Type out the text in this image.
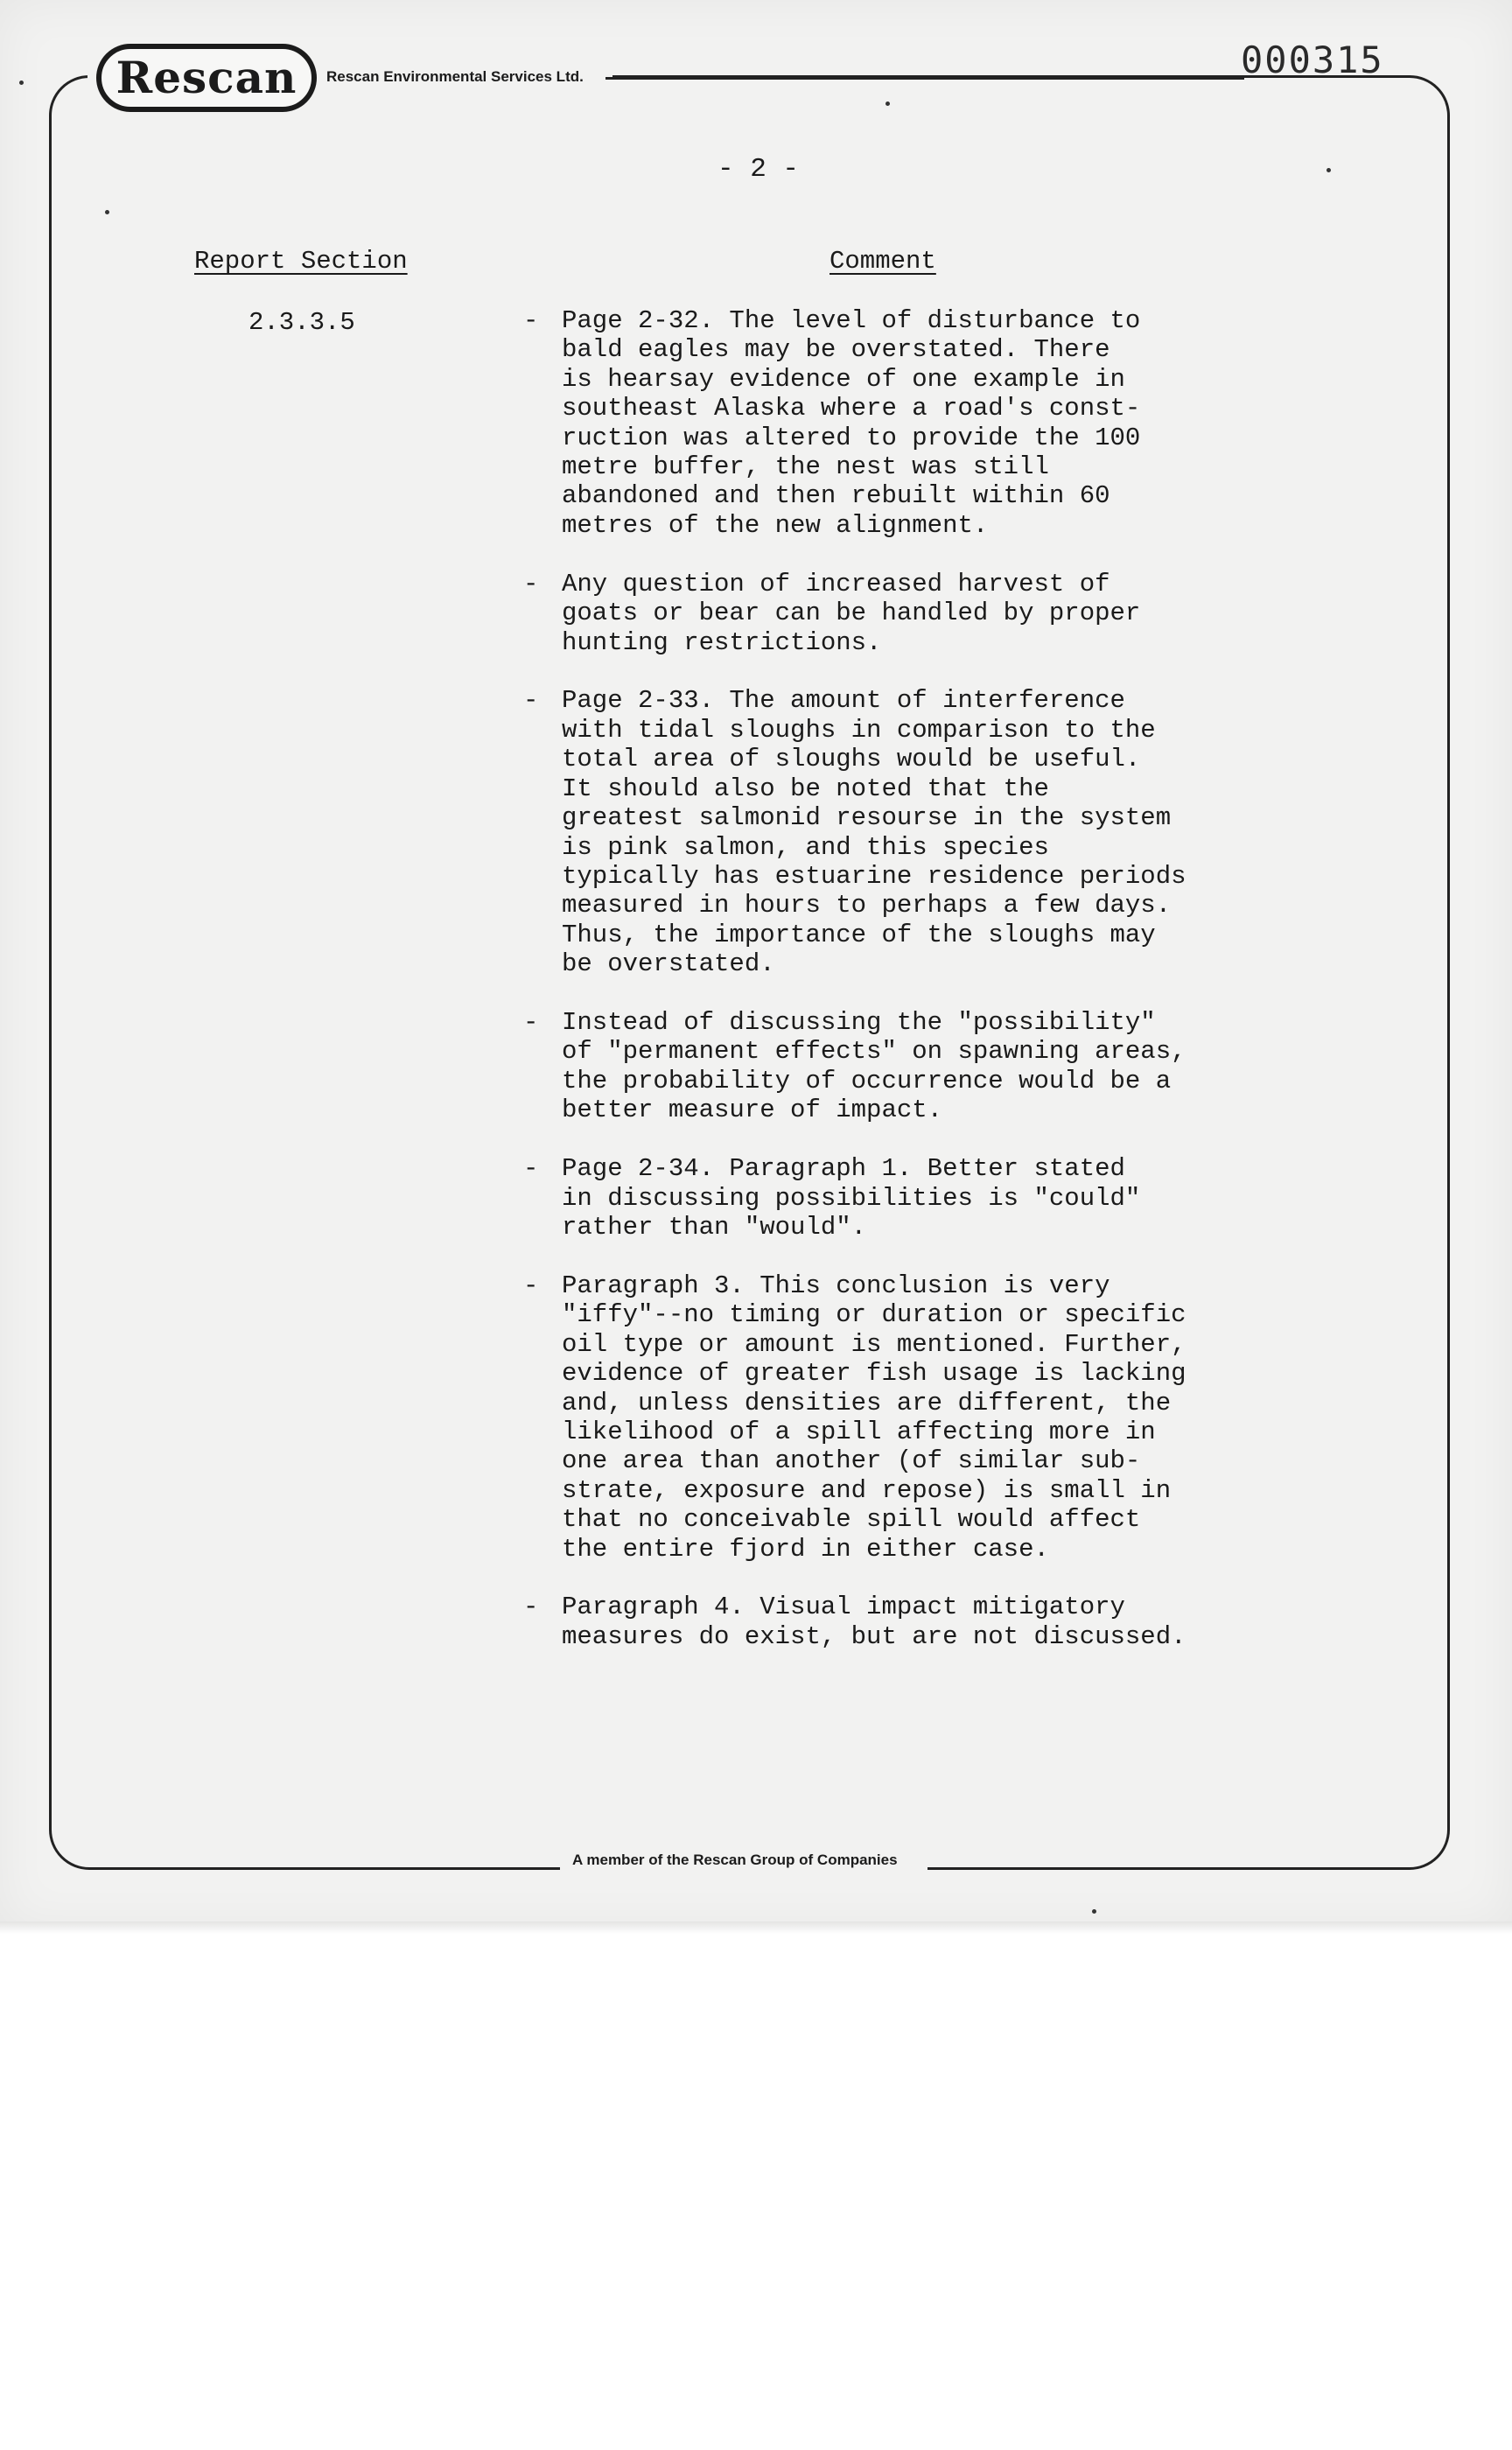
Rescan Rescan Environmental Services Ltd.	000315
- 2 -
Report Section	Comment
2.3.3.5	- Page 2-32. The level of disturbance to
bald eagles may be overstated. There
is hearsay evidence of one example in
southeast Alaska where a road's const-
ruction was altered to provide the 100
metre buffer, the nest was still
abandoned and then rebuilt within 60
metres of the new alignment.
- Any question of increased harvest of
goats or bear can be handled by proper
hunting restrictions.
- Page 2-33. The amount of interference
with tidal sloughs in comparison to the
total area of sloughs would be useful.
It should also be noted that the
greatest salmonid resourse in the system
is pink salmon, and this species
typically has estuarine residence periods
measured in hours to perhaps a few days.
Thus, the importance of the sloughs may
be overstated.
- Instead of discussing the "possibility"
of "permanent effects" on spawning areas,
the probability of occurrence would be a
better measure of impact.
- Page 2-34. Paragraph 1. Better stated
in discussing possibilities is "could"
rather than "would".
- Paragraph 3. This conclusion is very
"iffy"--no timing or duration or specific
oil type or amount is mentioned. Further,
evidence of greater fish usage is lacking
and, unless densities are different, the
likelihood of a spill affecting more in
one area than another (of similar sub-
strate, exposure and repose) is small in
that no conceivable spill would affect
the entire fjord in either case.
- Paragraph 4. Visual impact mitigatory
measures do exist, but are not discussed.
A member of the Rescan Group of Companies
